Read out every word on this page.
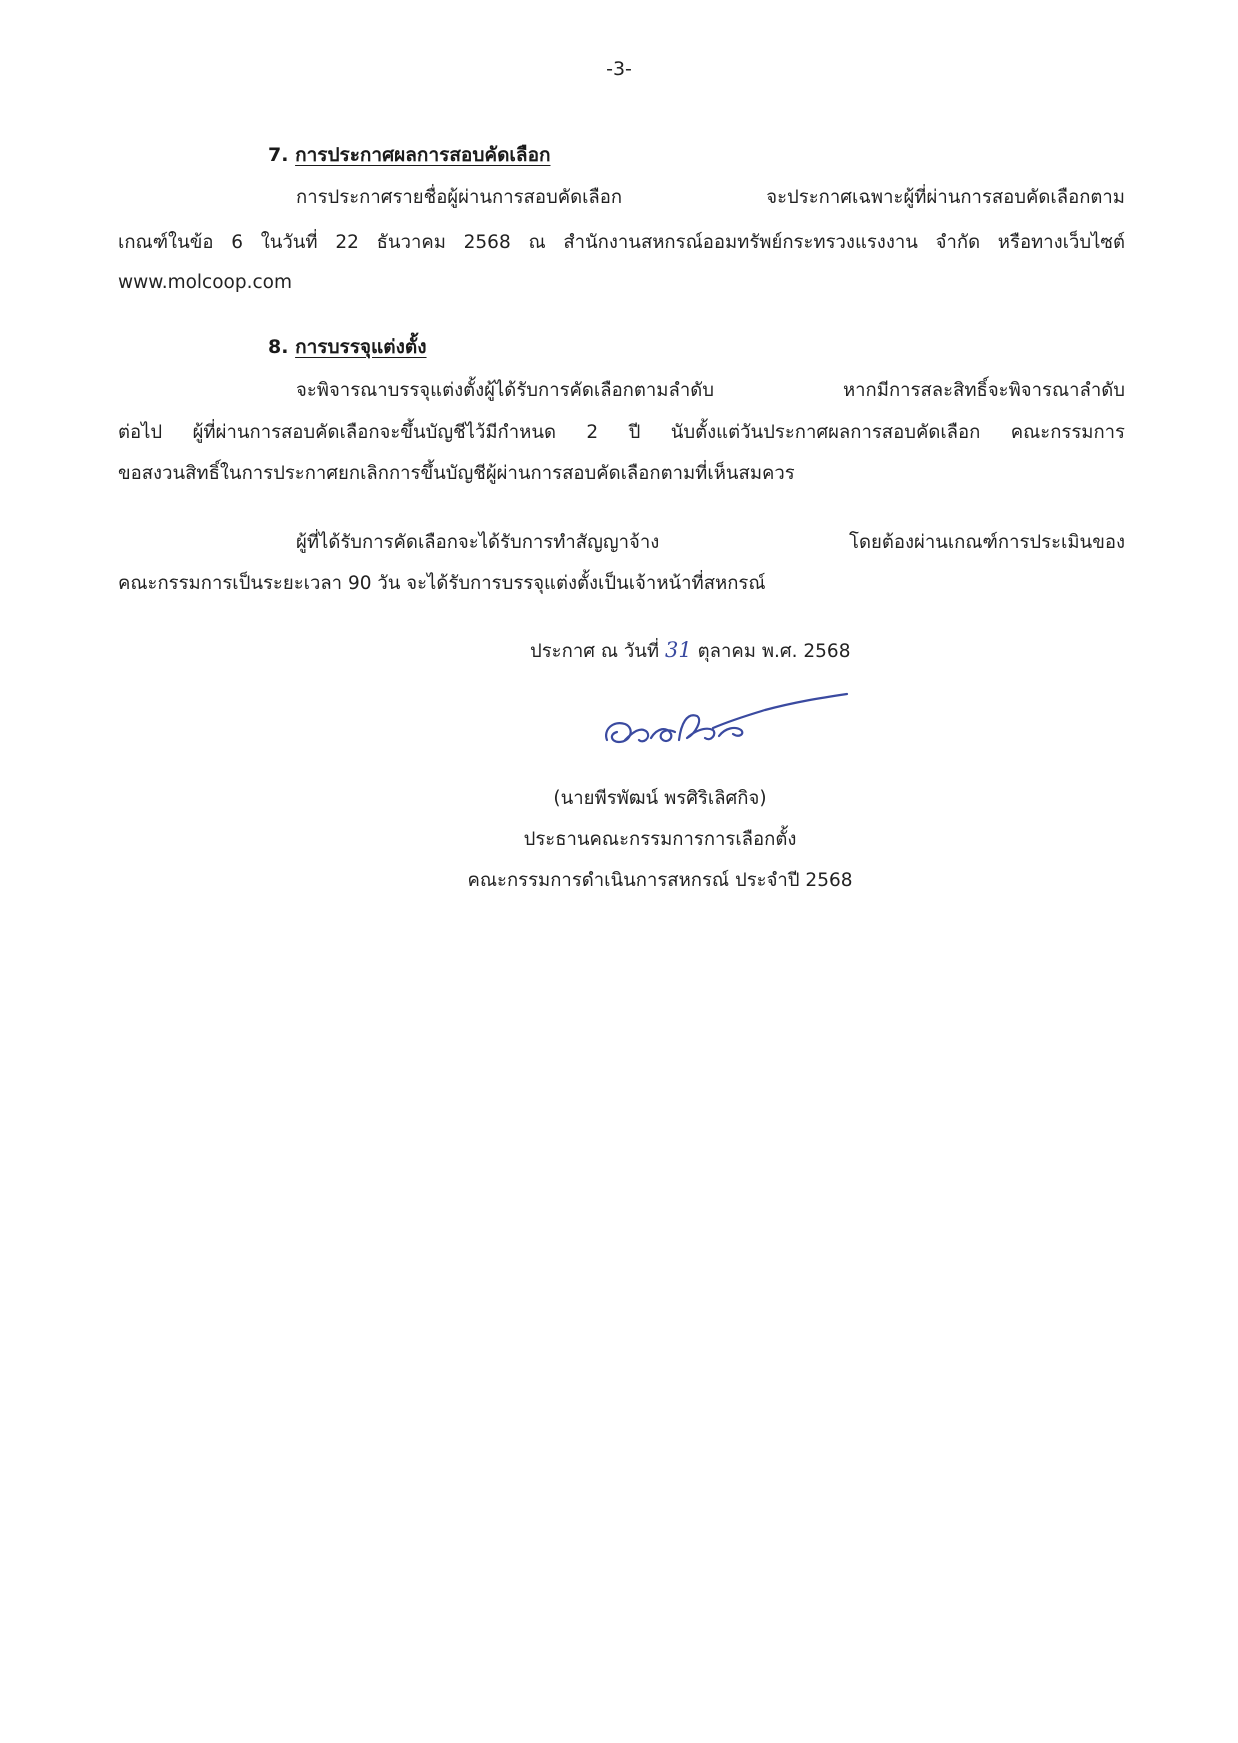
-3-
7. การประกาศผลการสอบคัดเลือก
การประกาศรายชื่อผู้ผ่านการสอบคัดเลือก จะประกาศเฉพาะผู้ที่ผ่านการสอบคัดเลือกตาม
เกณฑ์ในข้อ 6 ในวันที่ 22 ธันวาคม 2568 ณ สำนักงานสหกรณ์ออมทรัพย์กระทรวงแรงงาน จำกัด หรือทางเว็บไซต์
www.molcoop.com
8. การบรรจุแต่งตั้ง
จะพิจารณาบรรจุแต่งตั้งผู้ได้รับการคัดเลือกตามลำดับ หากมีการสละสิทธิ์จะพิจารณาลำดับ
ต่อไป ผู้ที่ผ่านการสอบคัดเลือกจะขึ้นบัญชีไว้มีกำหนด 2 ปี นับตั้งแต่วันประกาศผลการสอบคัดเลือก คณะกรรมการ
ขอสงวนสิทธิ์ในการประกาศยกเลิกการขึ้นบัญชีผู้ผ่านการสอบคัดเลือกตามที่เห็นสมควร
ผู้ที่ได้รับการคัดเลือกจะได้รับการทำสัญญาจ้าง โดยต้องผ่านเกณฑ์การประเมินของ
คณะกรรมการเป็นระยะเวลา 90 วัน จะได้รับการบรรจุแต่งตั้งเป็นเจ้าหน้าที่สหกรณ์
ประกาศ ณ วันที่ 31 ตุลาคม พ.ศ. 2568
(นายพีรพัฒน์ พรศิริเลิศกิจ)
ประธานคณะกรรมการการเลือกตั้ง
คณะกรรมการดำเนินการสหกรณ์ ประจำปี 2568
